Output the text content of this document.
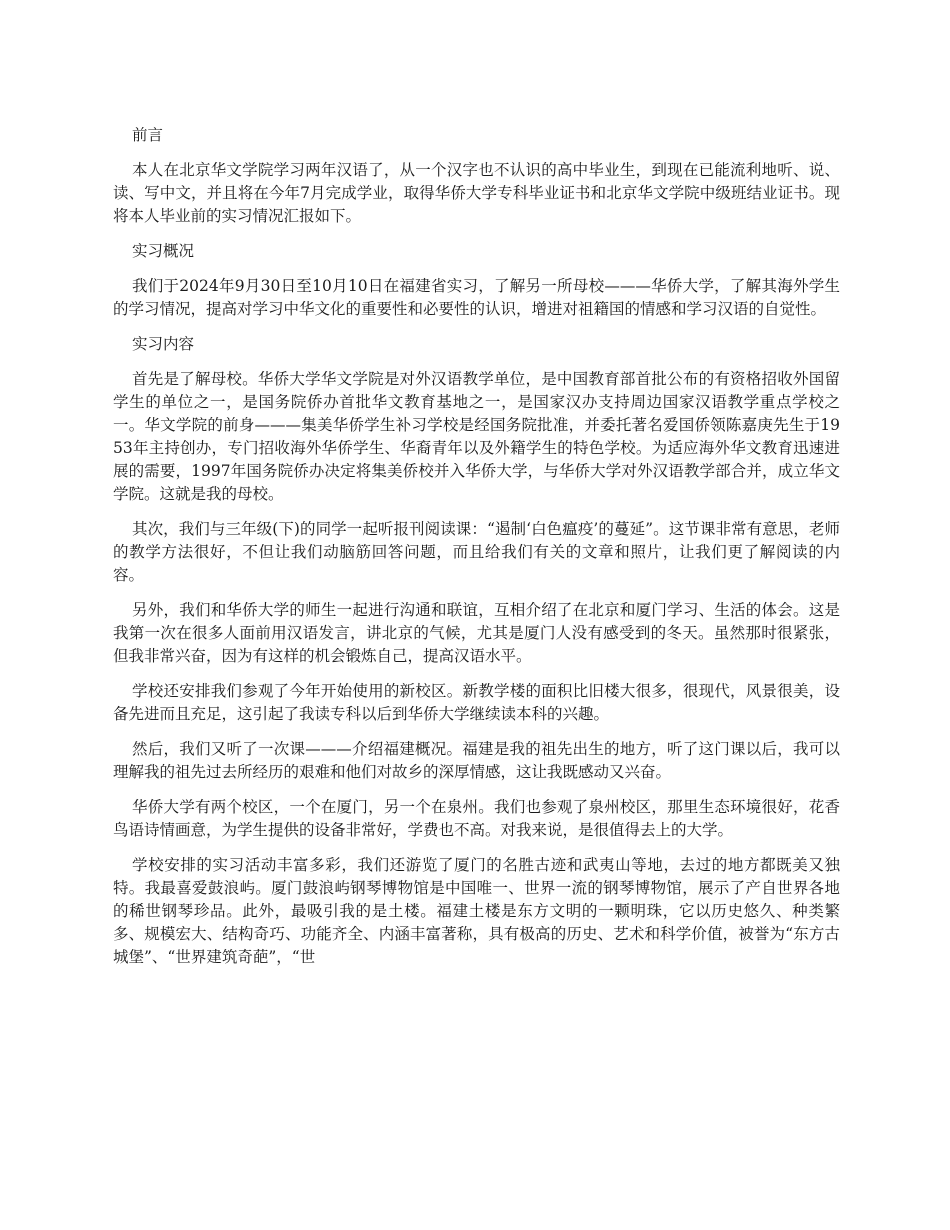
前言

本人在北京华文学院学习两年汉语了，从一个汉字也不认识的高中毕业生，到现在已能流利地听、说、读、写中文，并且将在今年7月完成学业，取得华侨大学专科毕业证书和北京华文学院中级班结业证书。现将本人毕业前的实习情况汇报如下。

实习概况

我们于2024年9月30日至10月10日在福建省实习，了解另一所母校———华侨大学，了解其海外学生的学习情况，提高对学习中华文化的重要性和必要性的认识，增进对祖籍国的情感和学习汉语的自觉性。

实习内容

首先是了解母校。华侨大学华文学院是对外汉语教学单位，是中国教育部首批公布的有资格招收外国留学生的单位之一，是国务院侨办首批华文教育基地之一，是国家汉办支持周边国家汉语教学重点学校之一。华文学院的前身———集美华侨学生补习学校是经国务院批准，并委托著名爱国侨领陈嘉庚先生于1953年主持创办，专门招收海外华侨学生、华裔青年以及外籍学生的特色学校。为适应海外华文教育迅速进展的需要，1997年国务院侨办决定将集美侨校并入华侨大学，与华侨大学对外汉语教学部合并，成立华文学院。这就是我的母校。

其次，我们与三年级(下)的同学一起听报刊阅读课：“遏制‘白色瘟疫’的蔓延”。这节课非常有意思，老师的教学方法很好，不但让我们动脑筋回答问题，而且给我们有关的文章和照片，让我们更了解阅读的内容。

另外，我们和华侨大学的师生一起进行沟通和联谊，互相介绍了在北京和厦门学习、生活的体会。这是我第一次在很多人面前用汉语发言，讲北京的气候，尤其是厦门人没有感受到的冬天。虽然那时很紧张，但我非常兴奋，因为有这样的机会锻炼自己，提高汉语水平。

学校还安排我们参观了今年开始使用的新校区。新教学楼的面积比旧楼大很多，很现代，风景很美，设备先进而且充足，这引起了我读专科以后到华侨大学继续读本科的兴趣。

然后，我们又听了一次课———介绍福建概况。福建是我的祖先出生的地方，听了这门课以后，我可以理解我的祖先过去所经历的艰难和他们对故乡的深厚情感，这让我既感动又兴奋。

华侨大学有两个校区，一个在厦门，另一个在泉州。我们也参观了泉州校区，那里生态环境很好，花香鸟语诗情画意，为学生提供的设备非常好，学费也不高。对我来说，是很值得去上的大学。

学校安排的实习活动丰富多彩，我们还游览了厦门的名胜古迹和武夷山等地，去过的地方都既美又独特。我最喜爱鼓浪屿。厦门鼓浪屿钢琴博物馆是中国唯一、世界一流的钢琴博物馆，展示了产自世界各地的稀世钢琴珍品。此外，最吸引我的是土楼。福建土楼是东方文明的一颗明珠，它以历史悠久、种类繁多、规模宏大、结构奇巧、功能齐全、内涵丰富著称，具有极高的历史、艺术和科学价值，被誉为“东方古城堡”、“世界建筑奇葩”，“世
